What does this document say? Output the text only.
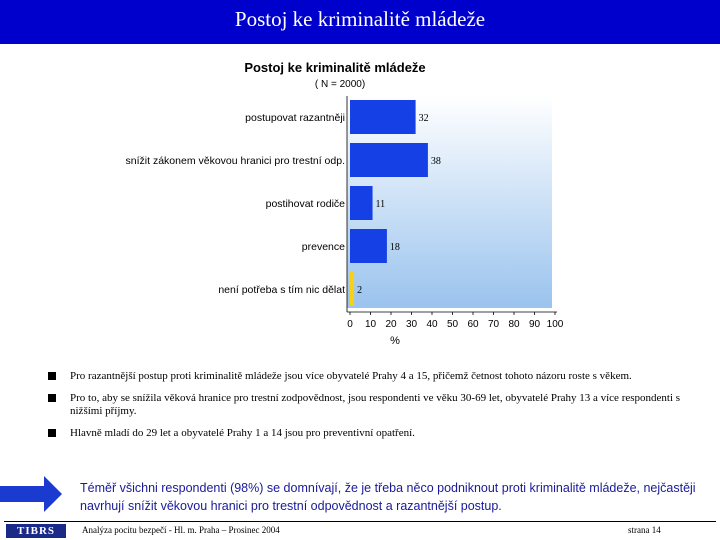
Postoj ke kriminalitě mládeže
Postoj ke kriminalitě mládeže
( N = 2000)
postupovat razantněji
snížit zákonem věkovou hranici pro trestní odp.
postihovat rodiče
prevence
není potřeba s tím nic dělat
32
38
11
18
2
0 10 20 30 40 50 60 70 80 90 100
%
Pro razantnější postup proti kriminalitě mládeže jsou více obyvatelé Prahy 4 a 15, přičemž četnost tohoto názoru roste s věkem.
Pro to, aby se snížila věková hranice pro trestní zodpovědnost, jsou respondenti ve věku 30-69 let, obyvatelé Prahy 13 a více respondenti s nižšími příjmy.
Hlavně mladí do 29 let a obyvatelé Prahy 1 a 14 jsou pro preventivní opatření.
Téměř všichni respondenti (98%) se domnívají, že je třeba něco podniknout proti kriminalitě mládeže, nejčastěji navrhují snížit věkovou hranici pro trestní odpovědnost a razantnější postup.
TIBRS	Analýza pocitu bezpečí - Hl. m. Praha – Prosinec 2004	strana 14
